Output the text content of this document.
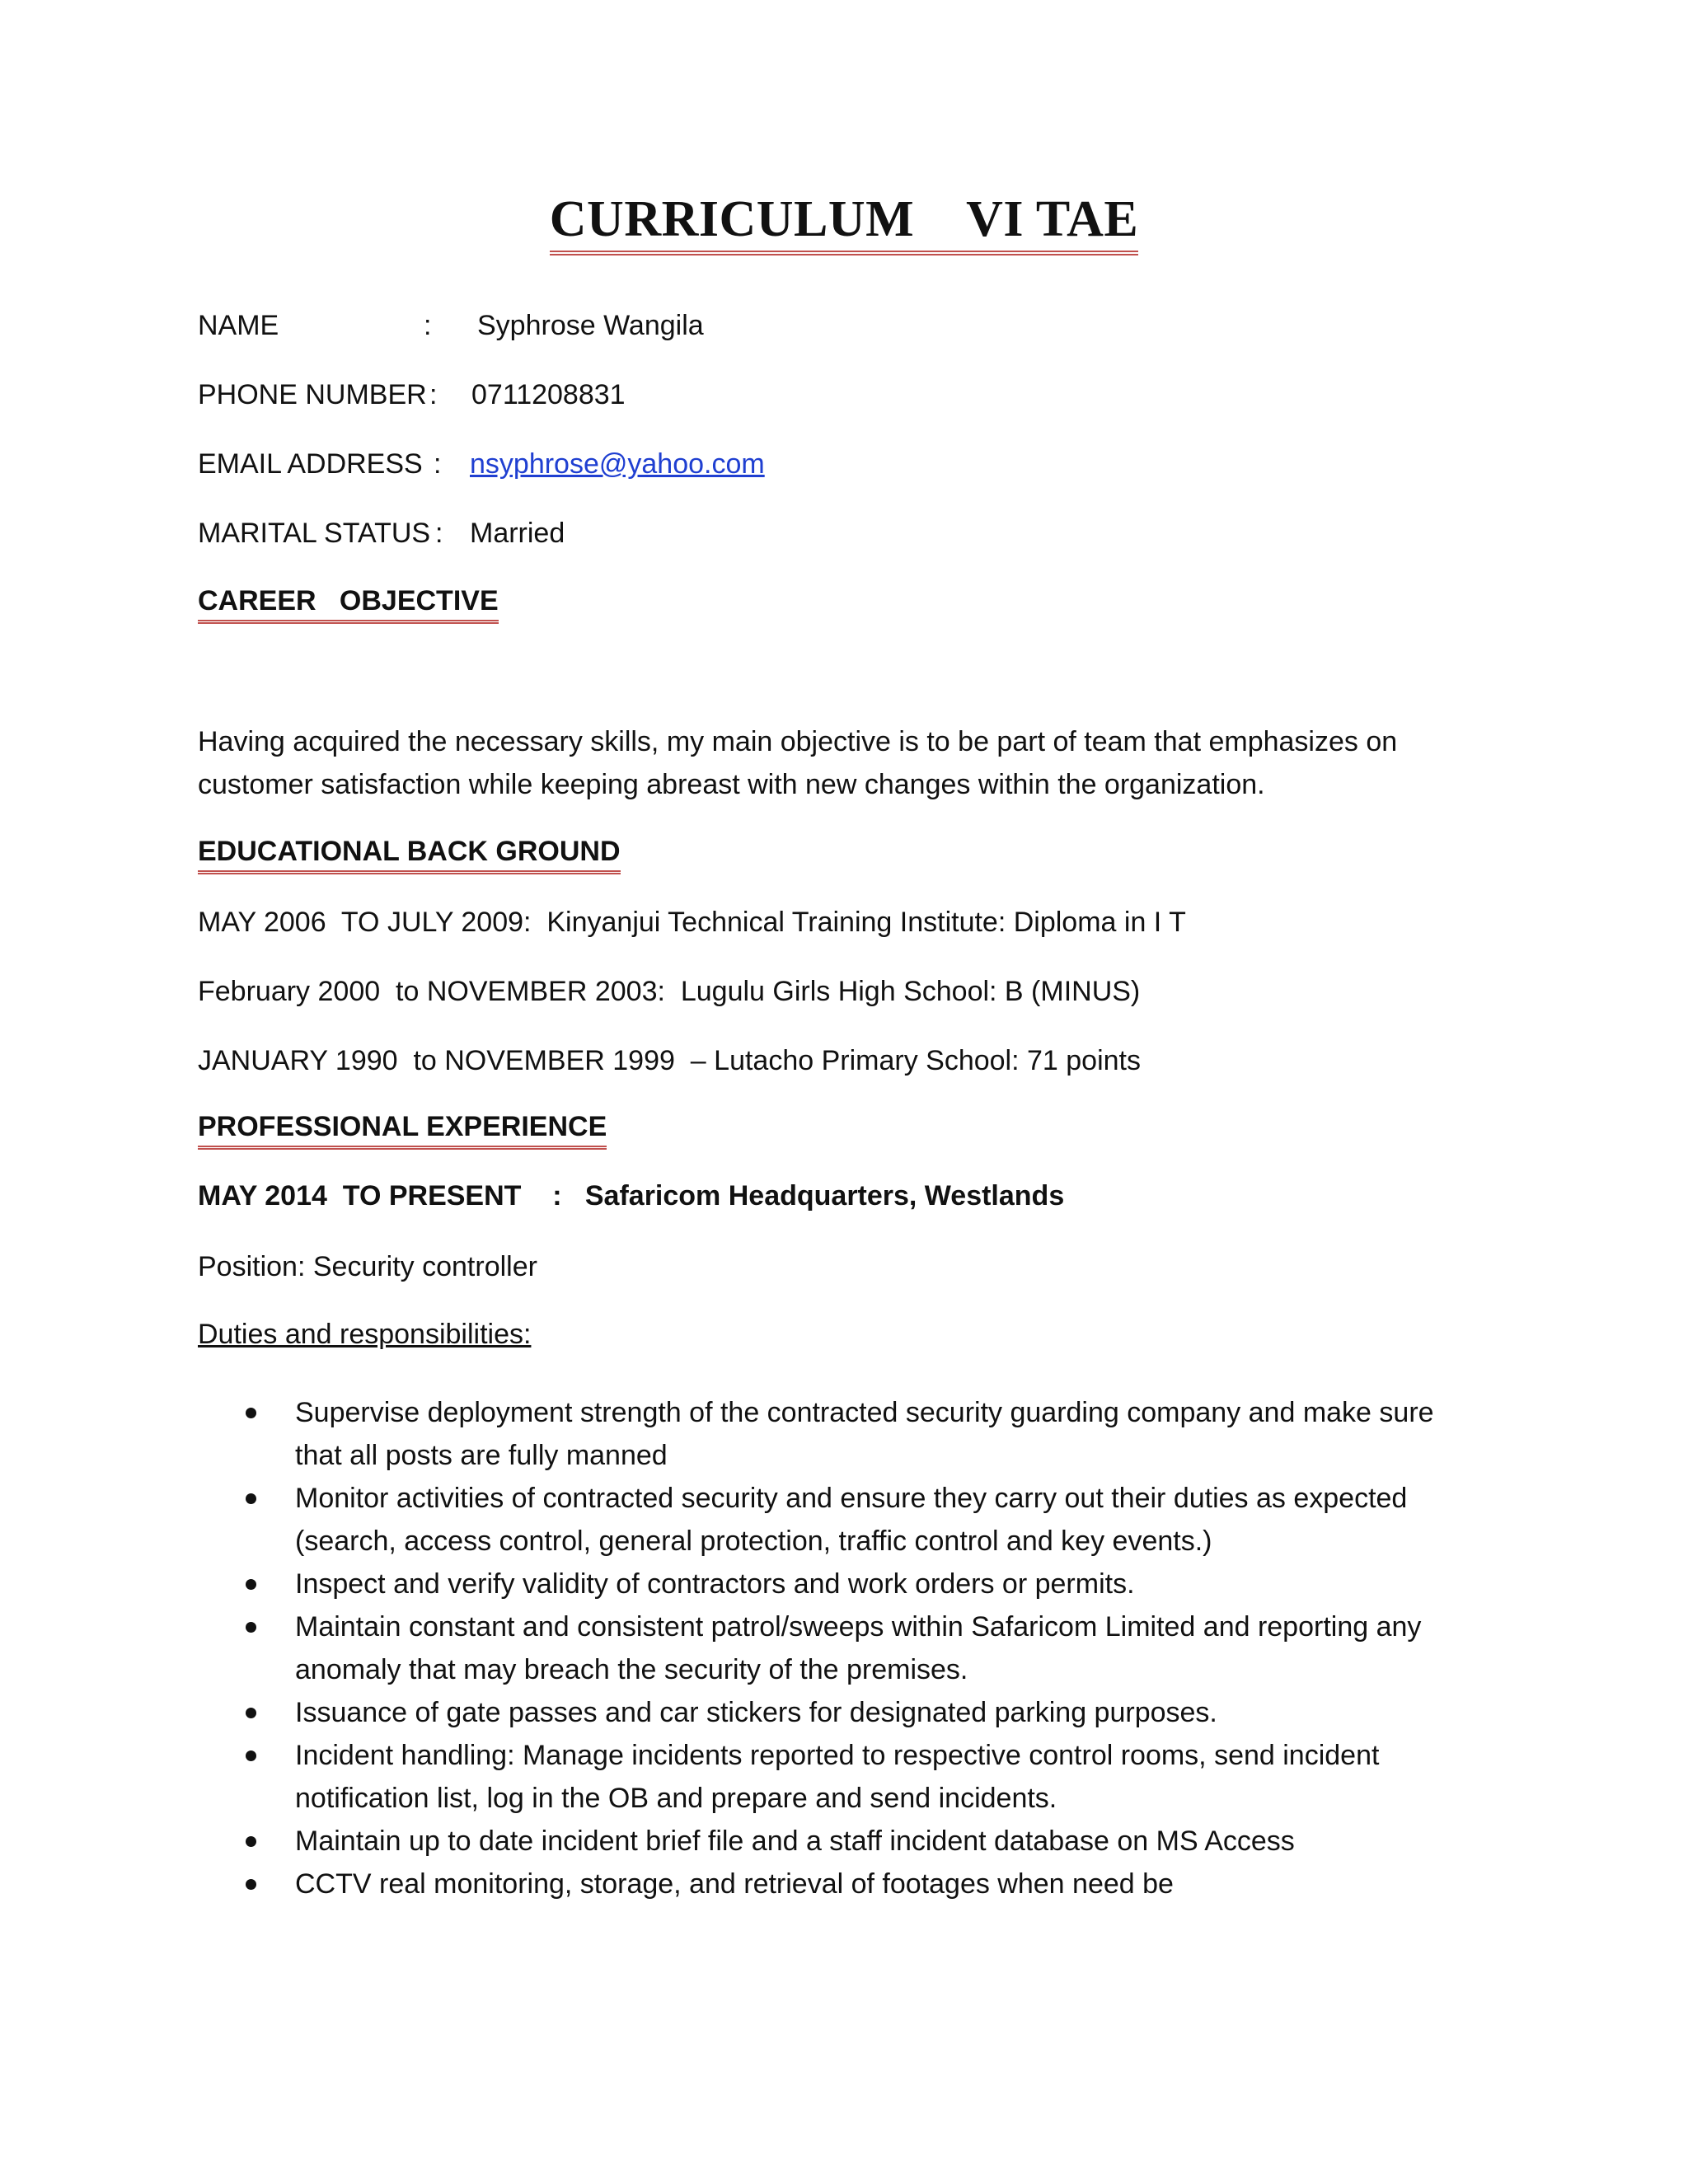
CURRICULUM    VI TAE
NAME	: Syphrose Wangila
PHONE NUMBER : 0711208831
EMAIL ADDRESS : nsyphrose@yahoo.com
MARITAL STATUS : Married
CAREER   OBJECTIVE
Having acquired the necessary skills, my main objective is to be part of team that emphasizes on customer satisfaction while keeping abreast with new changes within the organization.
EDUCATIONAL BACK GROUND
MAY 2006  TO JULY 2009:  Kinyanjui Technical Training Institute: Diploma in I T
February 2000  to NOVEMBER 2003:  Lugulu Girls High School: B (MINUS)
JANUARY 1990  to NOVEMBER 1999  – Lutacho Primary School: 71 points
PROFESSIONAL EXPERIENCE
MAY 2014  TO PRESENT    :   Safaricom Headquarters, Westlands
Position: Security controller
Duties and responsibilities:
Supervise deployment strength of the contracted security guarding company and make sure that all posts are fully manned
Monitor activities of contracted security and ensure they carry out their duties as expected (search, access control, general protection, traffic control and key events.)
Inspect and verify validity of contractors and work orders or permits.
Maintain constant and consistent patrol/sweeps within Safaricom Limited and reporting any anomaly that may breach the security of the premises.
Issuance of gate passes and car stickers for designated parking purposes.
Incident handling: Manage incidents reported to respective control rooms, send incident notification list, log in the OB and prepare and send incidents.
Maintain up to date incident brief file and a staff incident database on MS Access
CCTV real monitoring, storage, and retrieval of footages when need be
